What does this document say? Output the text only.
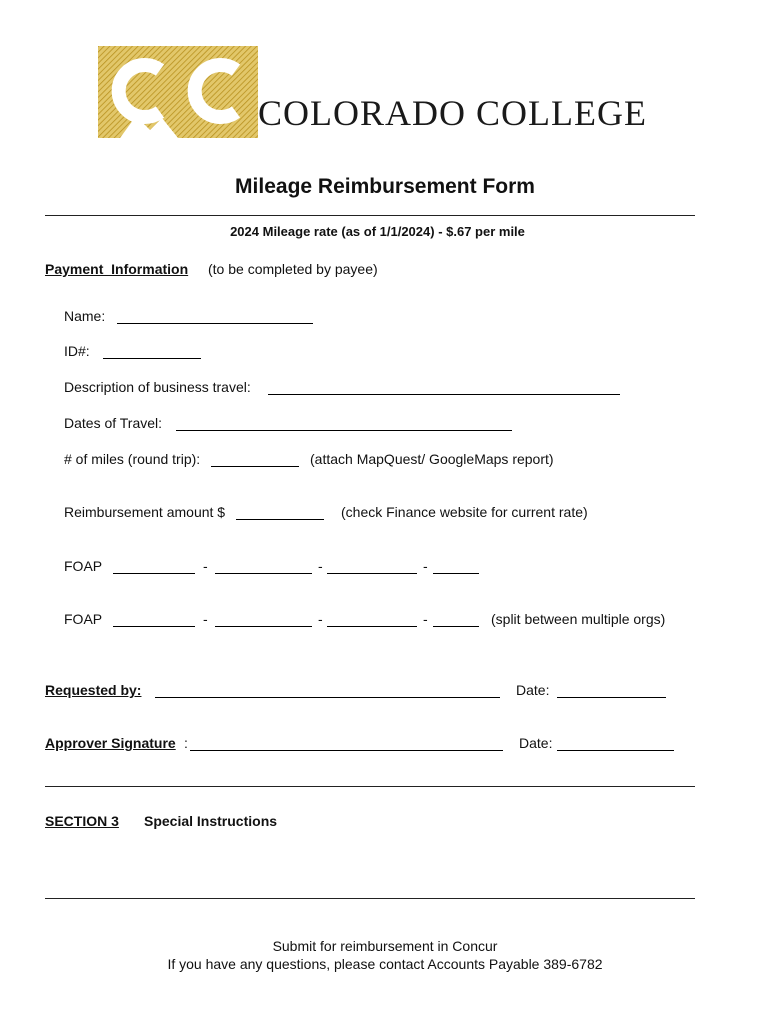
COLORADO COLLEGE
Mileage Reimbursement Form
2024 Mileage rate (as of 1/1/2024) - $.67 per mile
Payment  Information (to be completed by payee)
Name:
ID#:
Description of business travel:
Dates of Travel:
# of miles (round trip):	(attach MapQuest/ GoogleMaps report)
Reimbursement amount $	(check Finance website for current rate)
FOAP	-	-	-
FOAP	-	-	-	(split between multiple orgs)
Requested by:	Date:
Approver Signature :	Date:
SECTION 3 Special Instructions
Submit for reimbursement in Concur
If you have any questions, please contact Accounts Payable 389-6782
